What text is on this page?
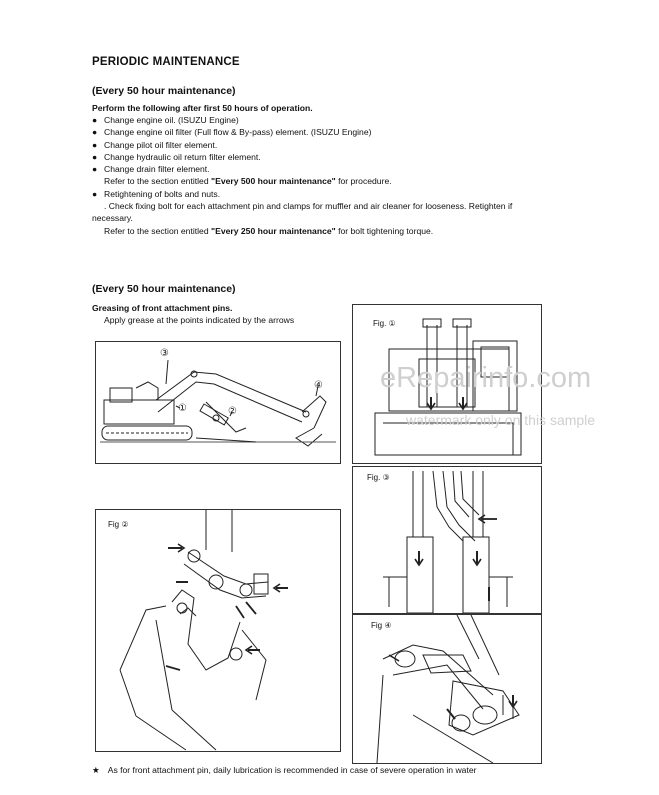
PERIODIC MAINTENANCE
(Every 50 hour maintenance)
Perform the following after first 50 hours of operation.
● Change engine oil. (ISUZU Engine)
● Change engine oil filter (Full flow & By-pass) element. (ISUZU Engine)
● Change pilot oil filter element.
● Change hydraulic oil return filter element.
● Change drain filter element.
Refer to the section entitled "Every 500 hour maintenance" for procedure.
● Retightening of bolts and nuts.
. Check fixing bolt for each attachment pin and clamps for muffler and air cleaner for looseness. Retighten if
necessary.
Refer to the section entitled "Every 250 hour maintenance" for bolt tightening torque.
(Every 50 hour maintenance)
Greasing of front attachment pins.
Apply grease at the points indicated by the arrows
③
①	②
④
Fig. ①
Fig. ③
Fig ②
Fig ④
eRepairinfo.com
watermark only on this sample
★ As for front attachment pin, daily lubrication is recommended in case of severe operation in water
